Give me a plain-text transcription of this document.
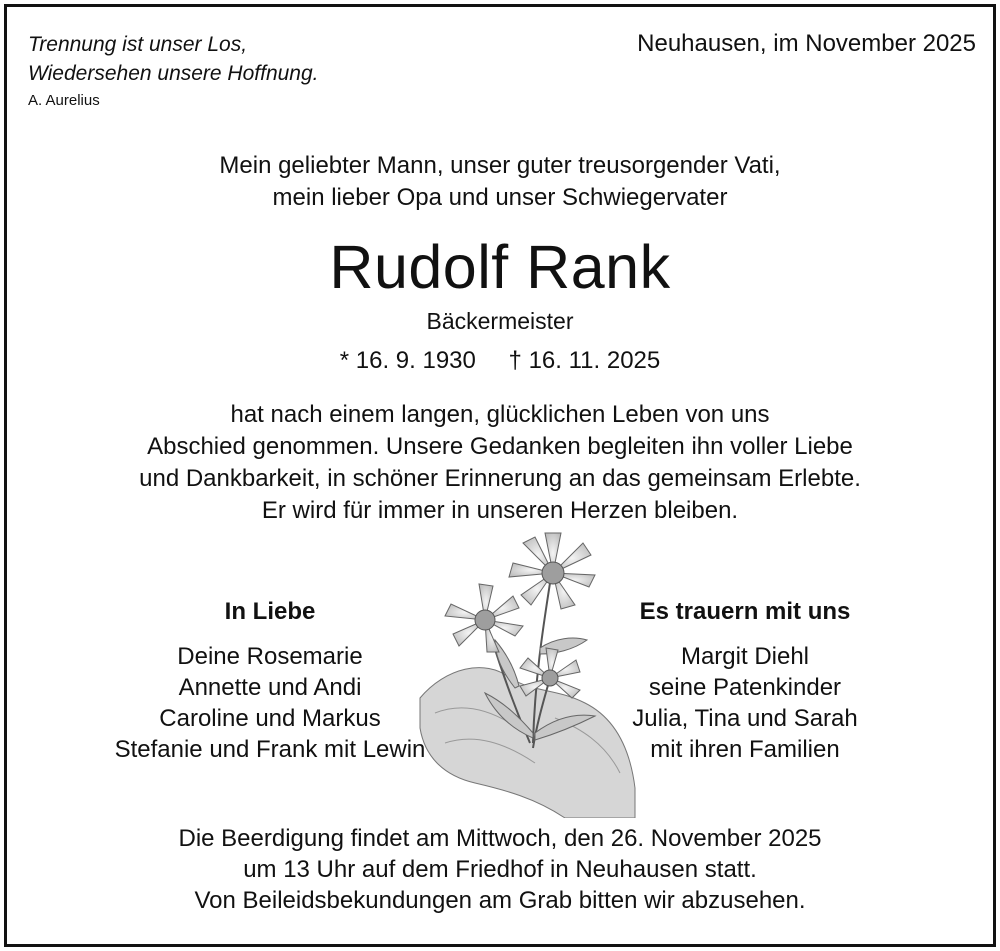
Trennung ist unser Los,
Wiedersehen unsere Hoffnung.
A. Aurelius
Neuhausen, im November 2025
Mein geliebter Mann, unser guter treusorgender Vati,
mein lieber Opa und unser Schwiegervater
Rudolf Rank
Bäckermeister
* 16. 9. 1930 † 16. 11. 2025
hat nach einem langen, glücklichen Leben von uns
Abschied genommen. Unsere Gedanken begleiten ihn voller Liebe
und Dankbarkeit, in schöner Erinnerung an das gemeinsam Erlebte.
Er wird für immer in unseren Herzen bleiben.
In Liebe
Deine Rosemarie
Annette und Andi
Caroline und Markus
Stefanie und Frank mit Lewin
Es trauern mit uns
Margit Diehl
seine Patenkinder
Julia, Tina und Sarah
mit ihren Familien
Die Beerdigung findet am Mittwoch, den 26. November 2025
um 13 Uhr auf dem Friedhof in Neuhausen statt.
Von Beileidsbekundungen am Grab bitten wir abzusehen.
